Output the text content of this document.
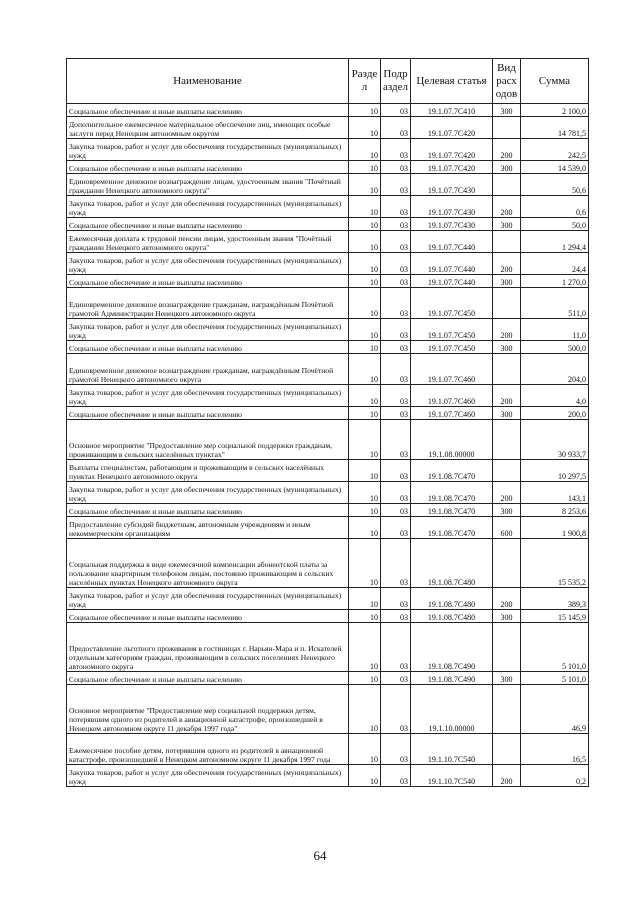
Наименование	Раздел	Подраздел	Целевая статья	Вид расходов	Сумма
Социальное обеспечение и иные выплаты населению	10	03	19.1.07.7С410	300	2 100,0
Дополнительное ежемесячное материальное обеспечение лиц, имеющих особые заслуги перед Ненецким автономным округом	10	03	19.1.07.7С420		14 781,5
Закупка товаров, работ и услуг для обеспечения государственных (муниципальных) нужд	10	03	19.1.07.7С420	200	242,5
Социальное обеспечение и иные выплаты населению	10	03	19.1.07.7С420	300	14 539,0
Единовременное денежное вознаграждение лицам, удостоенным звания "Почётный гражданин Ненецкого автономного округа"	10	03	19.1.07.7С430		50,6
Закупка товаров, работ и услуг для обеспечения государственных (муниципальных) нужд	10	03	19.1.07.7С430	200	0,6
Социальное обеспечение и иные выплаты населению	10	03	19.1.07.7С430	300	50,0
Ежемесячная доплата к трудовой пенсии лицам, удостоенным звания "Почётный гражданин Ненецкого автономного округа"	10	03	19.1.07.7С440		1 294,4
Закупка товаров, работ и услуг для обеспечения государственных (муниципальных) нужд	10	03	19.1.07.7С440	200	24,4
Социальное обеспечение и иные выплаты населению	10	03	19.1.07.7С440	300	1 270,0
Единовременное денежное вознаграждение гражданам, награждённым Почётной грамотой Администрации Ненецкого автономного округа	10	03	19.1.07.7С450		511,0
Закупка товаров, работ и услуг для обеспечения государственных (муниципальных) нужд	10	03	19.1.07.7С450	200	11,0
Социальное обеспечение и иные выплаты населению	10	03	19.1.07.7С450	300	500,0
Единовременное денежное вознаграждение гражданам, награждённым Почётной грамотой Ненецкого автономного округа	10	03	19.1.07.7С460		204,0
Закупка товаров, работ и услуг для обеспечения государственных (муниципальных) нужд	10	03	19.1.07.7С460	200	4,0
Социальное обеспечение и иные выплаты населению	10	03	19.1.07.7С460	300	200,0
Основное мероприятие "Предоставление мер социальной поддержки гражданам, проживающим в сельских населённых пунктах"	10	03	19.1.08.00000		30 933,7
Выплаты специалистам, работающим и проживающим в сельских населённых пунктах Ненецкого автономного округа	10	03	19.1.08.7С470		10 297,5
Закупка товаров, работ и услуг для обеспечения государственных (муниципальных) нужд	10	03	19.1.08.7С470	200	143,1
Социальное обеспечение и иные выплаты населению	10	03	19.1.08.7С470	300	8 253,6
Предоставление субсидий бюджетным, автономным учреждениям и иным некоммерческим организациям	10	03	19.1.08.7С470	600	1 900,8
Социальная поддержка в виде ежемесячной компенсации абонентской платы за пользование квартирным телефоном лицам, постоянно проживающим в сельских населённых пунктах Ненецкого автономного округа	10	03	19.1.08.7С480		15 535,2
Закупка товаров, работ и услуг для обеспечения государственных (муниципальных) нужд	10	03	19.1.08.7С480	200	389,3
Социальное обеспечение и иные выплаты населению	10	03	19.1.08.7С480	300	15 145,9
Предоставление льготного проживания в гостиницах г. Нарьян-Мара и п. Искателей отдельным категориям граждан, проживающим в сельских поселениях Ненецкого автономного округа	10	03	19.1.08.7С490		5 101,0
Социальное обеспечение и иные выплаты населению	10	03	19.1.08.7С490	300	5 101,0
Основное мероприятие "Предоставление мер социальной поддержки детям, потерявшим одного из родителей в авиационной катастрофе, произошедшей в Ненецком автономном округе 11 декабря 1997 года"	10	03	19.1.10.00000		46,9
Ежемесячное пособие детям, потерявшим одного из родителей в авиационной катастрофе, произошедшей в Ненецком автономном округе 11 декабря 1997 года	10	03	19.1.10.7С540		16,5
Закупка товаров, работ и услуг для обеспечения государственных (муниципальных) нужд	10	03	19.1.10.7С540	200	0,2
64
